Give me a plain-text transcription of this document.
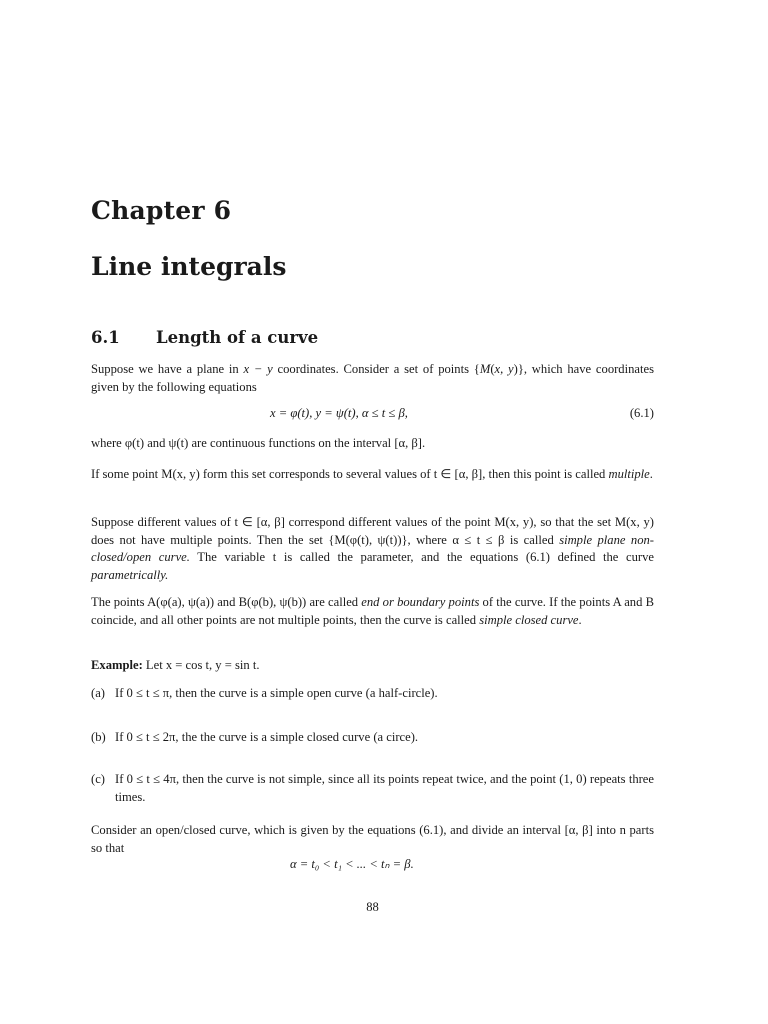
Chapter 6
Line integrals
6.1 Length of a curve

Suppose we have a plane in x − y coordinates. Consider a set of points {M(x, y)}, which have coordinates given by the following equations

x = φ(t), y = ψ(t), α ≤ t ≤ β,	(6.1)

where φ(t) and ψ(t) are continuous functions on the interval [α, β].

If some point M(x, y) form this set corresponds to several values of t ∈ [α, β], then this point is called multiple.

Suppose different values of t ∈ [α, β] correspond different values of the point M(x, y), so that the set M(x, y) does not have multiple points. Then the set {M(φ(t), ψ(t))}, where α ≤ t ≤ β is called simple plane non-closed/open curve. The variable t is called the parameter, and the equations (6.1) defined the curve parametrically.

The points A(φ(a), ψ(a)) and B(φ(b), ψ(b)) are called end or boundary points of the curve. If the points A and B coincide, and all other points are not multiple points, then the curve is called simple closed curve.

Example: Let x = cos t, y = sin t.

(a) If 0 ≤ t ≤ π, then the curve is a simple open curve (a half-circle).
(b) If 0 ≤ t ≤ 2π, the the curve is a simple closed curve (a circe).
(c) If 0 ≤ t ≤ 4π, then the curve is not simple, since all its points repeat twice, and the point (1, 0) repeats three times.

Consider an open/closed curve, which is given by the equations (6.1), and divide an interval [α, β] into n parts so that

α = t₀ < t₁ < ... < tₙ = β.
88
